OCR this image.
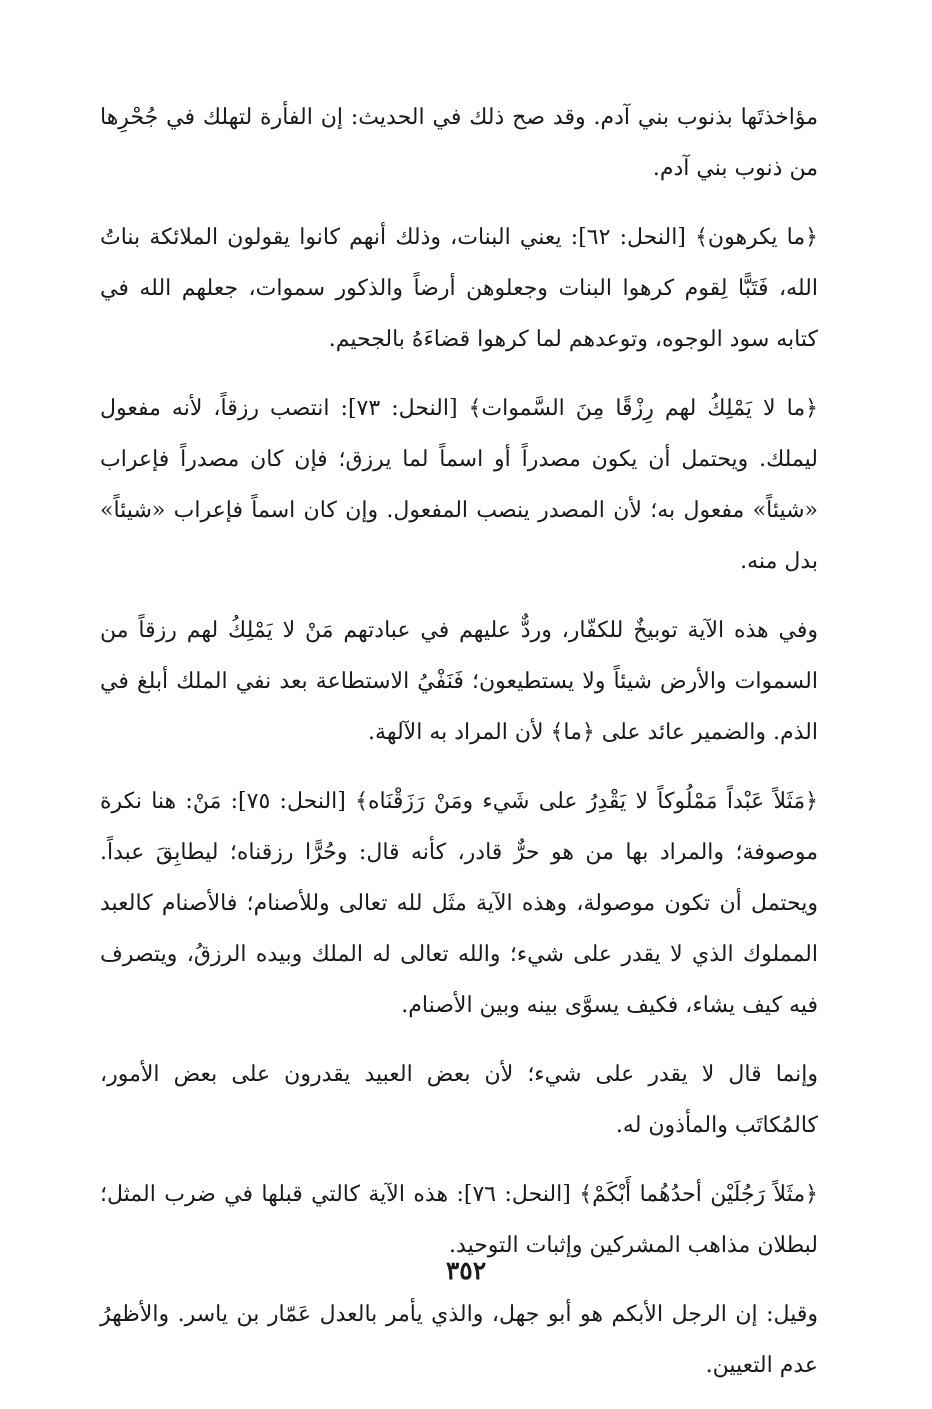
مؤاخذتَها بذنوب بني آدم. وقد صح ذلك في الحديث: إن الفأرة لتهلك في جُحْرِها من ذنوب بني آدم.

﴿ما يكرهون﴾ [النحل: ٦٢]: يعني البنات، وذلك أنهم كانوا يقولون الملائكة بناتُ الله، فَتَبًّا لِقوم كرهوا البنات وجعلوهن أرضاً والذكور سموات، جعلهم الله في كتابه سود الوجوه، وتوعدهم لما كرهوا قضاءَهُ بالجحيم.

﴿ما لا يَمْلِكُ لهم رِزْقًا مِنَ السَّموات﴾ [النحل: ٧٣]: انتصب رزقاً، لأنه مفعول ليملك. ويحتمل أن يكون مصدراً أو اسماً لما يرزق؛ فإن كان مصدراً فإعراب «شيئاً» مفعول به؛ لأن المصدر ينصب المفعول. وإن كان اسماً فإعراب «شيئاً» بدل منه.

وفي هذه الآية توبيخٌ للكفّار، وردٌّ عليهم في عبادتهم مَنْ لا يَمْلِكُ لهم رزقاً من السموات والأرض شيئاً ولا يستطيعون؛ فَنَفْيُ الاستطاعة بعد نفي الملك أبلغ في الذم. والضمير عائد على ﴿ما﴾ لأن المراد به الآلهة.

﴿مَثَلاً عَبْداً مَمْلُوكاً لا يَقْدِرُ على شَيء ومَنْ رَزَقْنَاه﴾ [النحل: ٧٥]: مَنْ: هنا نكرة موصوفة؛ والمراد بها من هو حرٌّ قادر، كأنه قال: وحُرًّا رزقناه؛ ليطابِقَ عبداً. ويحتمل أن تكون موصولة، وهذه الآية مثَل لله تعالى وللأصنام؛ فالأصنام كالعبد المملوك الذي لا يقدر على شيء؛ والله تعالى له الملك وبيده الرزقُ، ويتصرف فيه كيف يشاء، فكيف يسوَّى بينه وبين الأصنام.

وإنما قال لا يقدر على شيء؛ لأن بعض العبيد يقدرون على بعض الأمور، كالمُكاتَب والمأذون له.

﴿مثَلاً رَجُلَيْن أحدُهُما أَبْكَمْ﴾ [النحل: ٧٦]: هذه الآية كالتي قبلها في ضرب المثل؛ لبطلان مذاهب المشركين وإثبات التوحيد.

وقيل: إن الرجل الأبكم هو أبو جهل، والذي يأمر بالعدل عَمّار بن ياسر. والأظهرُ عدم التعيين.

٣٥٢
